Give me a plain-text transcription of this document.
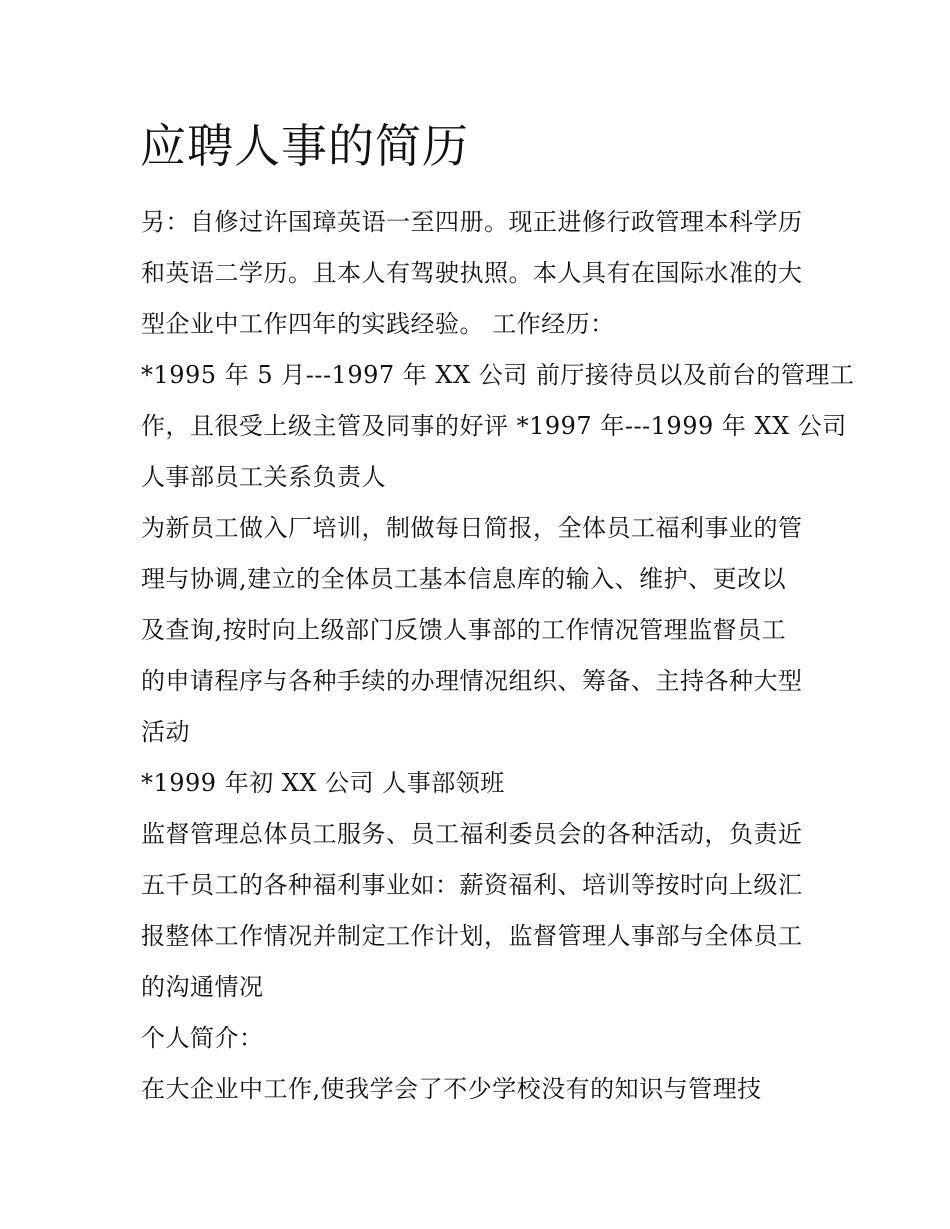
应聘人事的简历
另：自修过许国璋英语一至四册。现正进修行政管理本科学历
和英语二学历。且本人有驾驶执照。本人具有在国际水准的大
型企业中工作四年的实践经验。 工作经历：
*1995 年 5 月---1997 年 XX 公司 前厅接待员以及前台的管理工
作，且很受上级主管及同事的好评 *1997 年---1999 年 XX 公司
人事部员工关系负责人
为新员工做入厂培训，制做每日简报，全体员工福利事业的管
理与协调,建立的全体员工基本信息库的输入、维护、更改以
及查询,按时向上级部门反馈人事部的工作情况管理监督员工
的申请程序与各种手续的办理情况组织、筹备、主持各种大型
活动
*1999 年初 XX 公司 人事部领班
监督管理总体员工服务、员工福利委员会的各种活动，负责近
五千员工的各种福利事业如：薪资福利、培训等按时向上级汇
报整体工作情况并制定工作计划，监督管理人事部与全体员工
的沟通情况
个人简介：
在大企业中工作,使我学会了不少学校没有的知识与管理技
